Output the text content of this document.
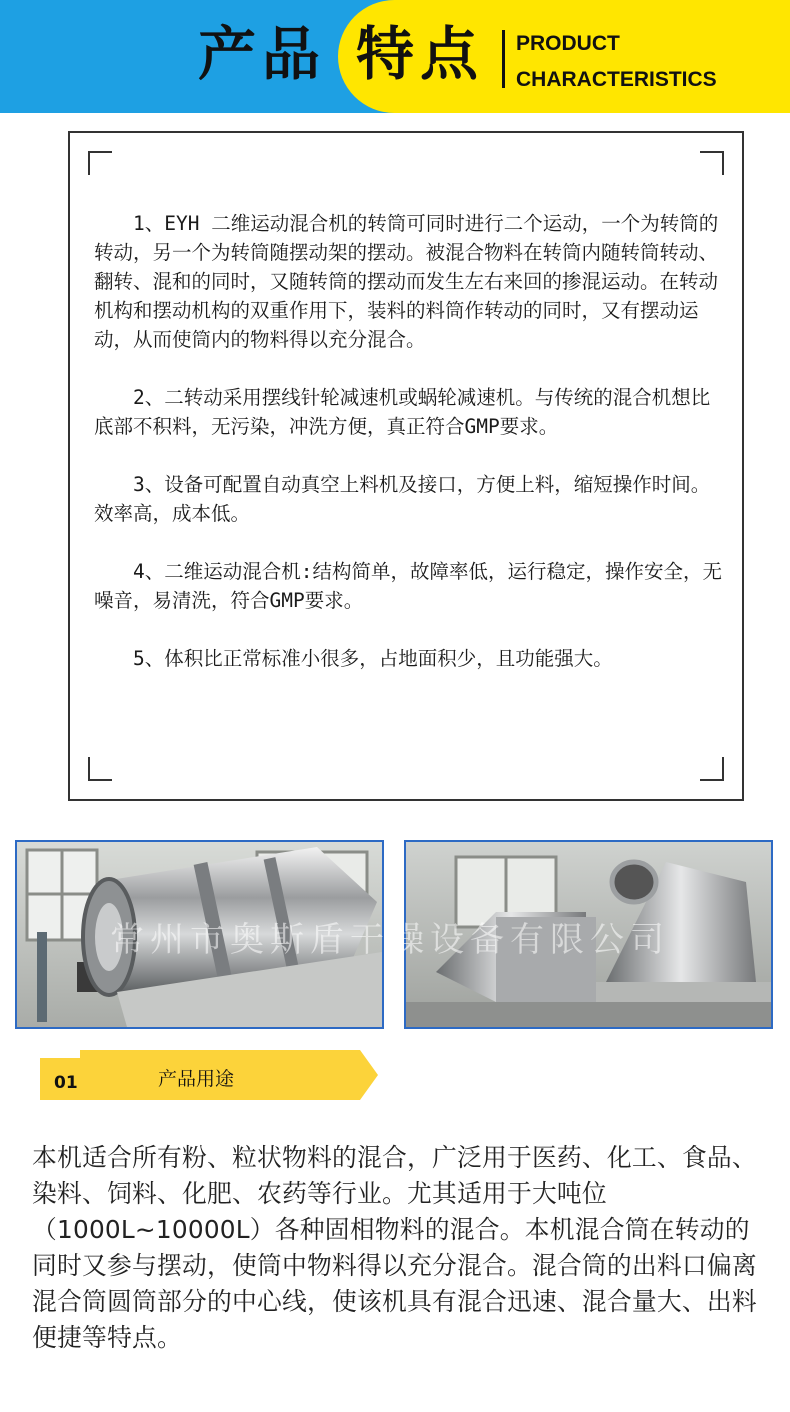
产品 特点 PRODUCT
CHARACTERISTICS

1、EYH 二维运动混合机的转筒可同时进行二个运动，一个为转筒的转动，另一个为转筒随摆动架的摆动。被混合物料在转筒内随转筒转动、翻转、混和的同时，又随转筒的摆动而发生左右来回的掺混运动。在转动机构和摆动机构的双重作用下，装料的料筒作转动的同时，又有摆动运动，从而使筒内的物料得以充分混合。

2、二转动采用摆线针轮减速机或蜗轮减速机。与传统的混合机想比底部不积料，无污染，冲洗方便，真正符合GMP要求。

3、设备可配置自动真空上料机及接口，方便上料，缩短操作时间。效率高，成本低。

4、二维运动混合机:结构简单，故障率低，运行稳定，操作安全，无噪音，易清洗，符合GMP要求。

5、体积比正常标准小很多，占地面积少，且功能强大。

常州市奥斯盾干燥设备有限公司
01	产品用途
本机适合所有粉、粒状物料的混合，广泛用于医药、化工、食品、染料、饲料、化肥、农药等行业。尤其适用于大吨位（1000L~10000L）各种固相物料的混合。本机混合筒在转动的同时又参与摆动，使筒中物料得以充分混合。混合筒的出料口偏离混合筒圆筒部分的中心线，使该机具有混合迅速、混合量大、出料便捷等特点。
